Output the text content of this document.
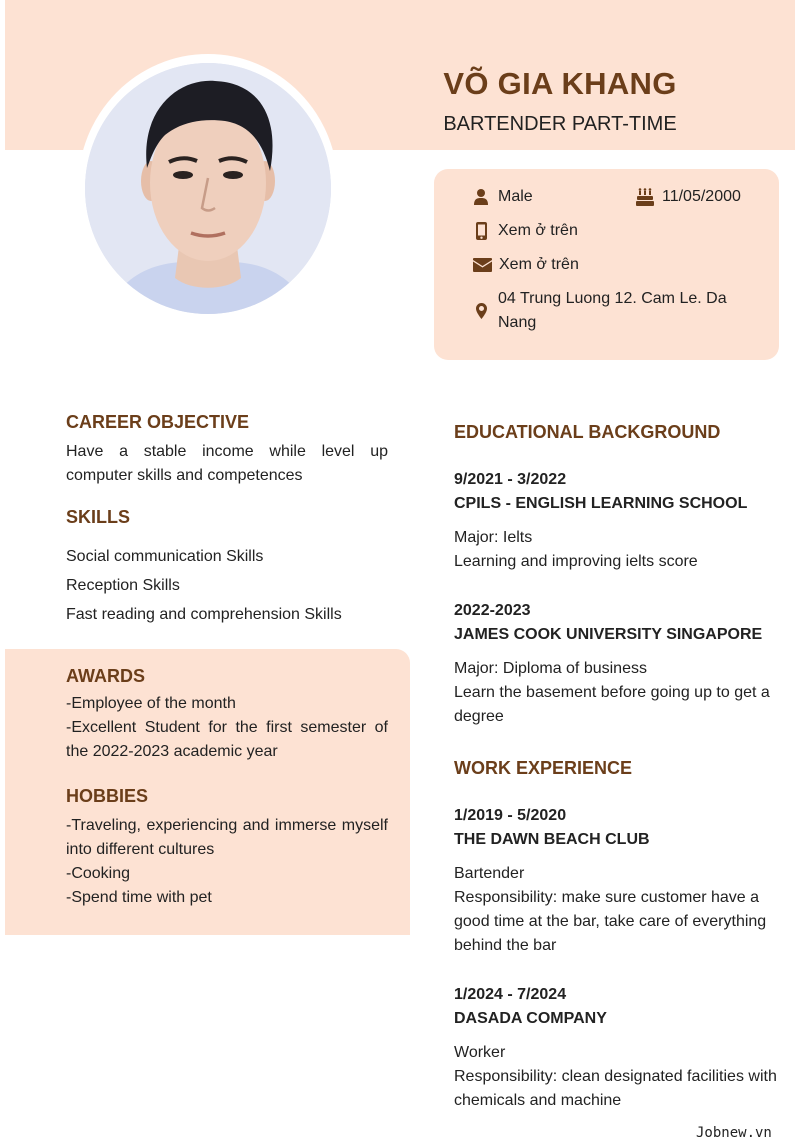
VÕ GIA KHANG
BARTENDER PART-TIME
Male	11/05/2000
Xem ở trên
Xem ở trên
04 Trung Luong 12. Cam Le. Da
Nang
CAREER OBJECTIVE
Have a stable income while level up computer skills and competences
SKILLS
Social communication Skills
Reception Skills
Fast reading and comprehension Skills
AWARDS
-Employee of the month
-Excellent Student for the first semester of the 2022-2023 academic year
HOBBIES
-Traveling, experiencing and immerse myself into different cultures
-Cooking
-Spend time with pet
EDUCATIONAL BACKGROUND
9/2021 - 3/2022
CPILS - ENGLISH LEARNING SCHOOL
Major: Ielts
Learning and improving ielts score
2022-2023
JAMES COOK UNIVERSITY SINGAPORE
Major: Diploma of business
Learn the basement before going up to get a degree
WORK EXPERIENCE
1/2019 - 5/2020
THE DAWN BEACH CLUB
Bartender
Responsibility: make sure customer have a good time at the bar, take care of everything behind the bar
1/2024 - 7/2024
DASADA COMPANY
Worker
Responsibility: clean designated facilities with chemicals and machine
Jobnew.vn
